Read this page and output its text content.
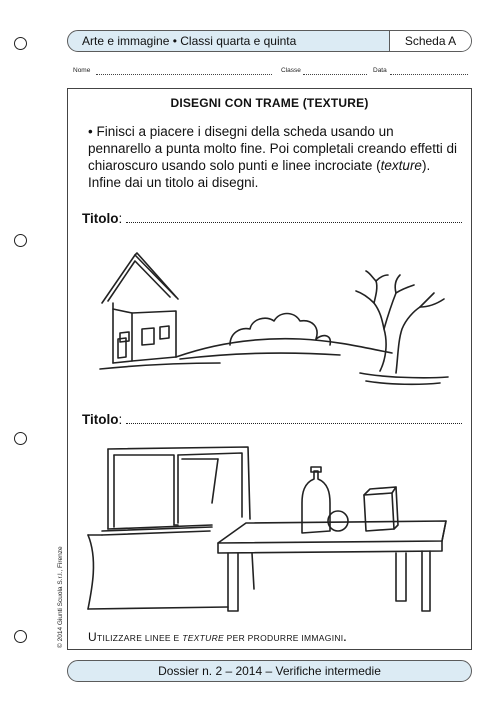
Arte e immagine • Classi quarta e quinta	Scheda A
Nome	Classe	Data
DISEGNI CON TRAME (TEXTURE)
• Finisci a piacere i disegni della scheda usando un pennarello a punta molto fine. Poi completali creando effetti di chiaroscuro usando solo punti e linee incrociate (texture). Infine dai un titolo ai disegni.
Titolo :
Titolo :
UTILIZZARE LINEE E TEXTURE PER PRODURRE IMMAGINI.
© 2014 Giunti Scuola S.r.l., Firenze
Dossier n. 2 – 2014 – Verifiche intermedie
